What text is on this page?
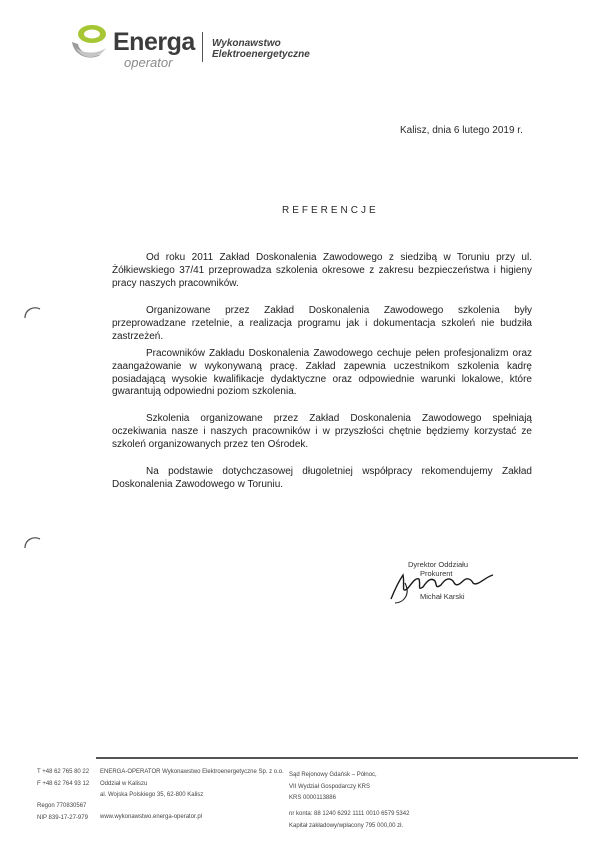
Energa
operator
Wykonawstwo
Elektroenergetyczne
Kalisz, dnia 6 lutego 2019 r.
REFERENCJE
Od roku 2011 Zakład Doskonalenia Zawodowego z siedzibą w Toruniu przy ul. Żółkiewskiego 37/41 przeprowadza szkolenia okresowe z zakresu bezpieczeństwa i higieny pracy naszych pracowników.
Organizowane przez Zakład Doskonalenia Zawodowego szkolenia były przeprowadzane rzetelnie, a realizacja programu jak i dokumentacja szkoleń nie budziła zastrzeżeń.
Pracowników Zakładu Doskonalenia Zawodowego cechuje pełen profesjonalizm oraz zaangażowanie w wykonywaną pracę. Zakład zapewnia uczestnikom szkolenia kadrę posiadającą wysokie kwalifikacje dydaktyczne oraz odpowiednie warunki lokalowe, które gwarantują odpowiedni poziom szkolenia.
Szkolenia organizowane przez Zakład Doskonalenia Zawodowego spełniają oczekiwania nasze i naszych pracowników i w przyszłości chętnie będziemy korzystać ze szkoleń organizowanych przez ten Ośrodek.
Na podstawie dotychczasowej długoletniej współpracy rekomendujemy Zakład Doskonalenia Zawodowego w Toruniu.
Dyrektor Oddziału
Prokurent
Michał Karski
T +48 62 765 80 22
F +48 62 764 93 12
Regon 770830567
NIP 839-17-27-979
ENERGA-OPERATOR Wykonawstwo Elektroenergetyczne Sp. z o.o.
Oddział w Kaliszu
al. Wojska Polskiego 35, 62-800 Kalisz
www.wykonawstwo.energa-operator.pl
Sąd Rejonowy Gdańsk – Północ,
VII Wydział Gospodarczy KRS
KRS 0000113886
nr konta: 88 1240 6292 1111 0010 6579 5342
Kapitał zakładowy/wpłacony 795 000,00 zł.
